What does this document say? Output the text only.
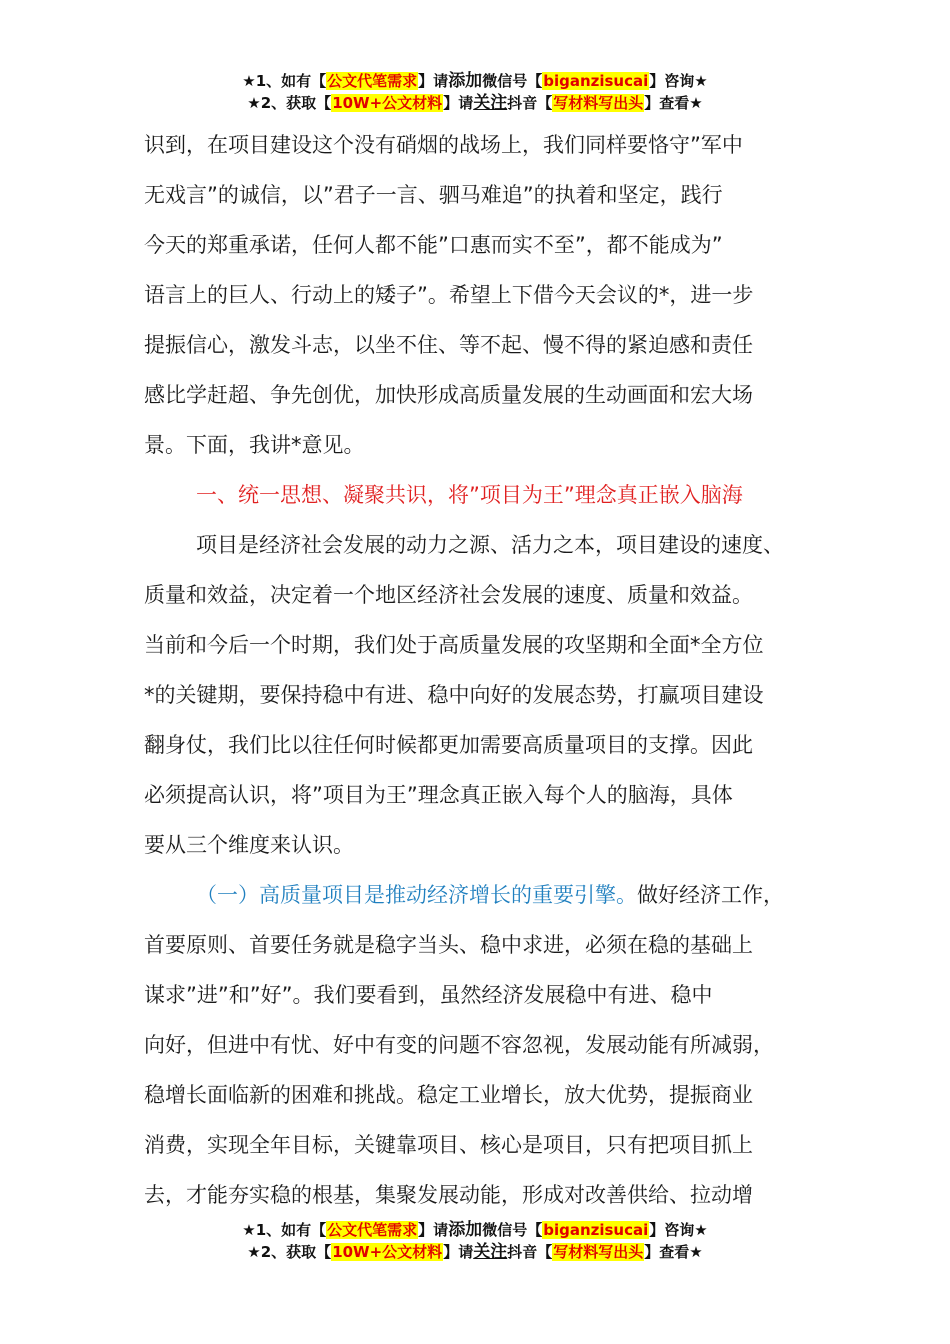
★1、如有【公文代笔需求】请添加微信号【biganzisucai】咨询★
★2、获取【10W+公文材料】请关注抖音【写材料写出头】查看★
识到，在项目建设这个没有硝烟的战场上，我们同样要恪守”军中
无戏言”的诚信，以”君子一言、驷马难追”的执着和坚定，践行
今天的郑重承诺，任何人都不能”口惠而实不至”，都不能成为”
语言上的巨人、行动上的矮子”。希望上下借今天会议的*，进一步
提振信心，激发斗志，以坐不住、等不起、慢不得的紧迫感和责任
感比学赶超、争先创优，加快形成高质量发展的生动画面和宏大场
景。下面，我讲*意见。
一、统一思想、凝聚共识，将”项目为王”理念真正嵌入脑海
项目是经济社会发展的动力之源、活力之本，项目建设的速度、
质量和效益，决定着一个地区经济社会发展的速度、质量和效益。
当前和今后一个时期，我们处于高质量发展的攻坚期和全面*全方位
*的关键期，要保持稳中有进、稳中向好的发展态势，打赢项目建设
翻身仗，我们比以往任何时候都更加需要高质量项目的支撑。因此
必须提高认识，将”项目为王”理念真正嵌入每个人的脑海，具体
要从三个维度来认识。
（一）高质量项目是推动经济增长的重要引擎。做好经济工作，
首要原则、首要任务就是稳字当头、稳中求进，必须在稳的基础上
谋求”进”和”好”。我们要看到，虽然经济发展稳中有进、稳中
向好，但进中有忧、好中有变的问题不容忽视，发展动能有所减弱，
稳增长面临新的困难和挑战。稳定工业增长，放大优势，提振商业
消费，实现全年目标，关键靠项目、核心是项目，只有把项目抓上
去，才能夯实稳的根基，集聚发展动能，形成对改善供给、拉动增
★1、如有【公文代笔需求】请添加微信号【biganzisucai】咨询★
★2、获取【10W+公文材料】请关注抖音【写材料写出头】查看★
